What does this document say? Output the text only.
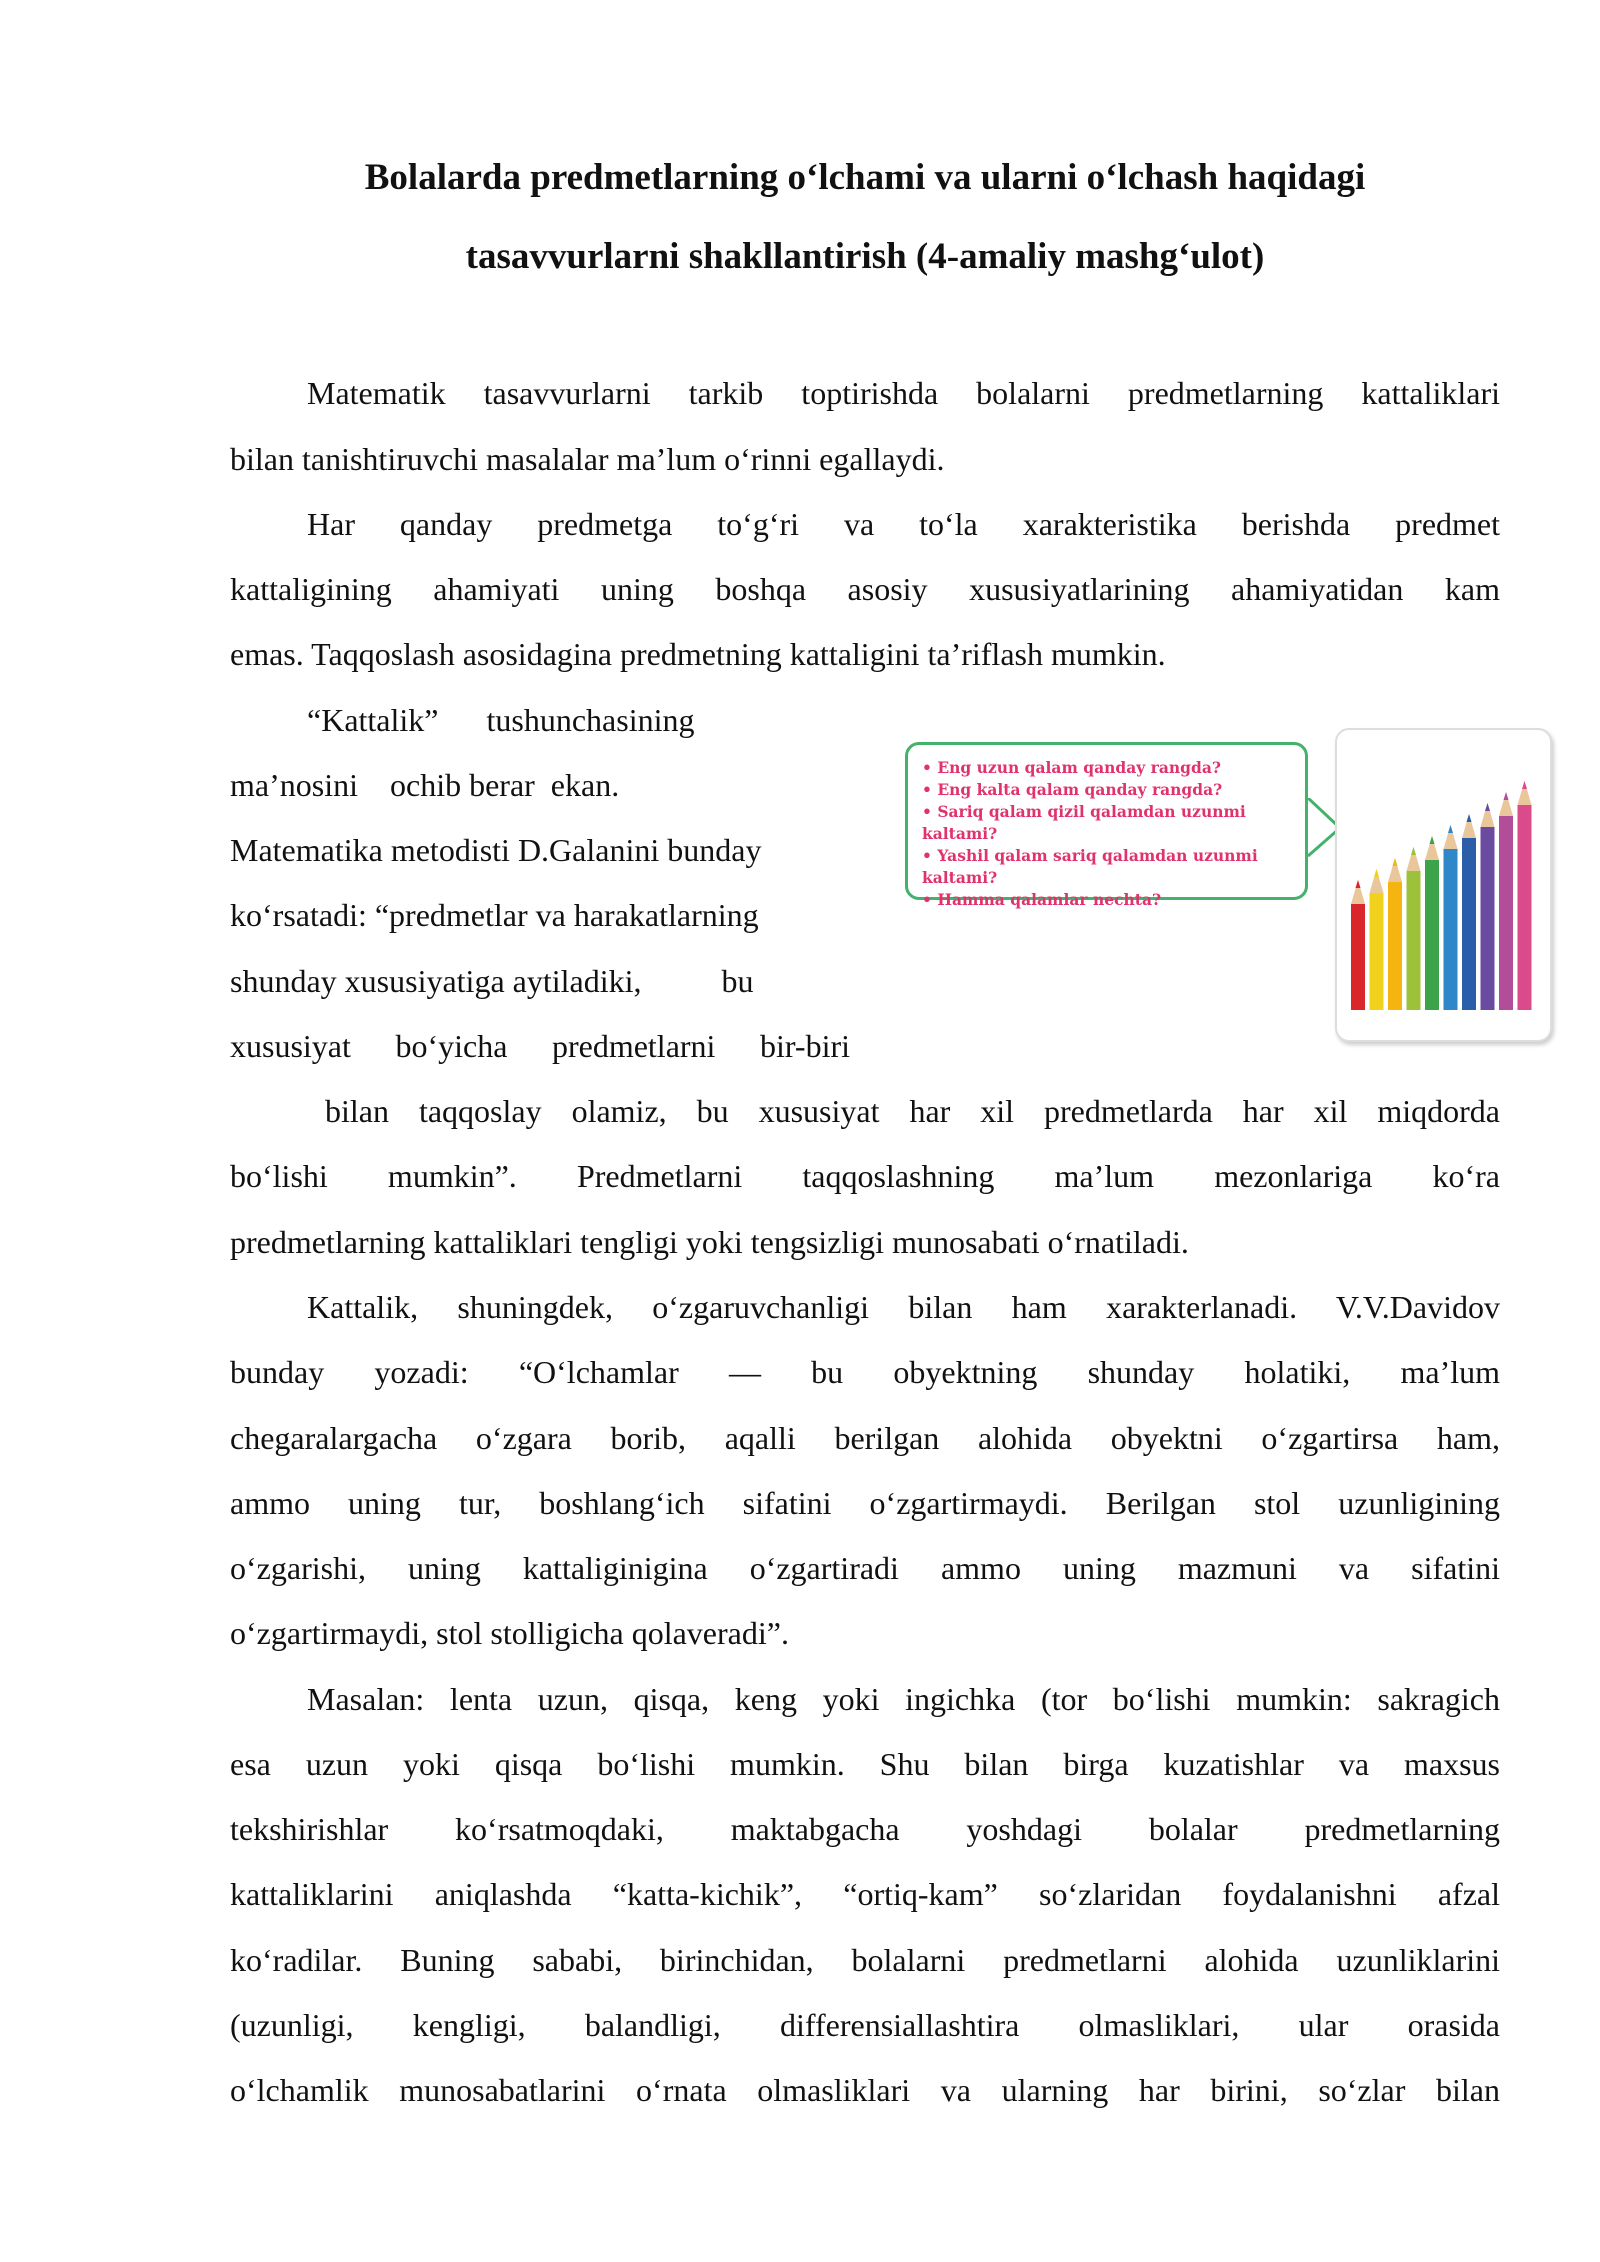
Bolalarda predmetlarning o‘lchami va ularni o‘lchash haqidagi
tasavvurlarni shakllantirish (4-amaliy mashg‘ulot)
Matematik tasavvurlarni tarkib toptirishda bolalarni predmetlarning kattaliklari
bilan tanishtiruvchi masalalar ma’lum o‘rinni egallaydi.
Har qanday predmetga to‘g‘ri va to‘la xarakteristika berishda predmet
kattaligining ahamiyati uning boshqa asosiy xususiyatlarining ahamiyatidan kam
emas. Taqqoslash asosidagina predmetning kattaligini ta’riflash mumkin.
“Kattalik”      tushunchasining
ma’nosini    ochib berar  ekan.
Matematika metodisti D.Galanini bunday
ko‘rsatadi: “predmetlar va harakatlarning
shunday xususiyatiga aytiladiki,          bu
xususiyat bo‘yicha predmetlarni bir-biri
bilan taqqoslay olamiz, bu xususiyat har xil predmetlarda har xil miqdorda
bo‘lishi mumkin”. Predmetlarni taqqoslashning ma’lum mezonlariga ko‘ra
predmetlarning kattaliklari tengligi yoki tengsizligi munosabati o‘rnatiladi.
Kattalik, shuningdek, o‘zgaruvchanligi bilan ham xarakterlanadi. V.V.Davidov
bunday yozadi: “O‘lchamlar — bu obyektning shunday holatiki, ma’lum
chegaralargacha o‘zgara borib, aqalli berilgan alohida obyektni o‘zgartirsa ham,
ammo uning tur, boshlang‘ich sifatini o‘zgartirmaydi. Berilgan stol uzunligining
o‘zgarishi, uning kattaliginigina o‘zgartiradi ammo uning mazmuni va sifatini
o‘zgartirmaydi, stol stolligicha qolaveradi”.
Masalan: lenta uzun, qisqa, keng yoki ingichka (tor bo‘lishi mumkin: sakragich
esa uzun yoki qisqa bo‘lishi mumkin. Shu bilan birga kuzatishlar va maxsus
tekshirishlar ko‘rsatmoqdaki, maktabgacha yoshdagi bolalar predmetlarning
kattaliklarini aniqlashda “katta-kichik”, “ortiq-kam” so‘zlaridan foydalanishni afzal
ko‘radilar. Buning sababi, birinchidan, bolalarni predmetlarni alohida uzunliklarini
(uzunligi, kengligi, balandligi, differensiallashtira olmasliklari, ular orasida
o‘lchamlik munosabatlarini o‘rnata olmasliklari va ularning har birini, so‘zlar bilan
• Eng uzun qalam qanday rangda?
• Eng kalta qalam qanday rangda?
• Sariq qalam qizil qalamdan uzunmi kaltami?
• Yashil qalam sariq qalamdan uzunmi kaltami?
• Hamma qalamlar nechta?
